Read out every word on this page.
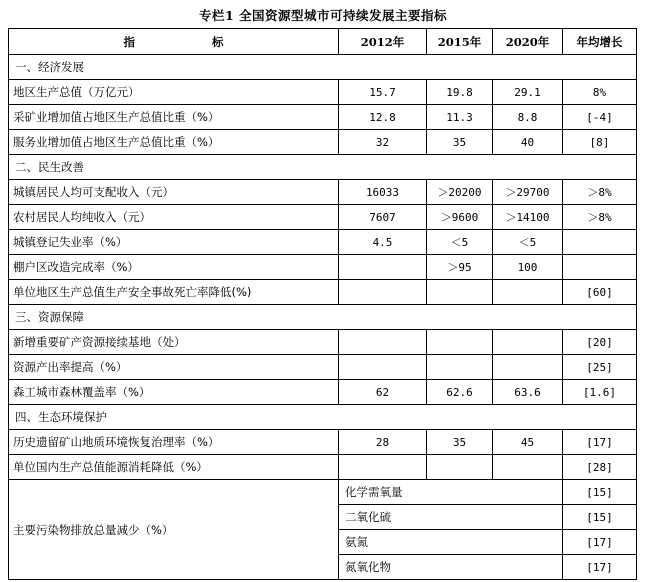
专栏1 全国资源型城市可持续发展主要指标
指　　标	2012年	2015年	2020年	年均增长
一、经济发展				
地区生产总值（万亿元）	15.7	19.8	29.1	8%
采矿业增加值占地区生产总值比重（%）	12.8	11.3	8.8	[-4]
服务业增加值占地区生产总值比重（%）	32	35	40	[8]
二、民生改善				
城镇居民人均可支配收入（元）	16033	＞20200	＞29700	＞8%
农村居民人均纯收入（元）	7607	＞9600	＞14100	＞8%
城镇登记失业率（%）	4.5	＜5	＜5	
棚户区改造完成率（%）		＞95	100	
单位地区生产总值生产安全事故死亡率降低(%)				[60]
三、资源保障				
新增重要矿产资源接续基地（处）				[20]
资源产出率提高（%）				[25]
森工城市森林覆盖率（%）	62	62.6	63.6	[1.6]
四、生态环境保护				
历史遗留矿山地质环境恢复治理率（%）	28	35	45	[17]
单位国内生产总值能源消耗降低（%）				[28]
主要污染物排放总量减少（%）	化学需氧量			[15]
	二氧化硫			[15]
	氨氮			[17]
	氮氧化物			[17]
